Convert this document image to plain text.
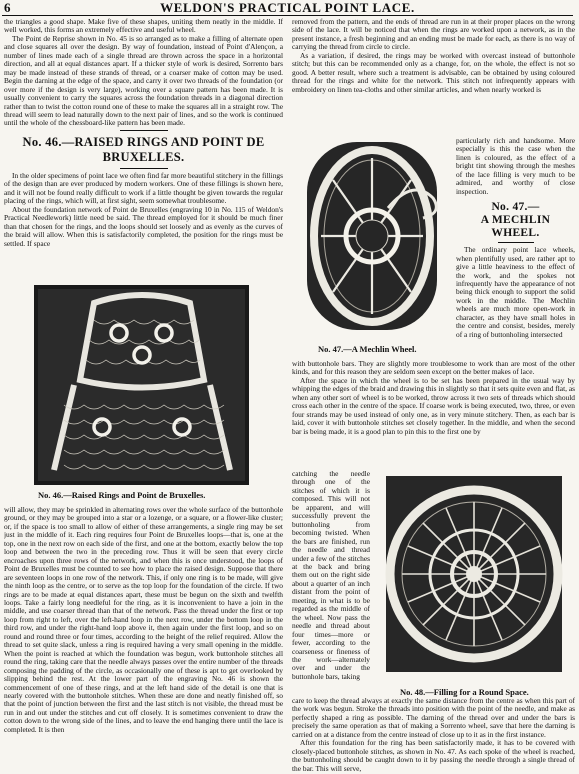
6	WELDON'S PRACTICAL POINT LACE.

the triangles a good shape. Make five of these shapes, uniting them neatly in the middle. If well worked, this forms an extremely effective and useful wheel.

The Point de Reprise shown in No. 45 is so arranged as to make a filling of alternate open and close squares all over the design. By way of foundation, instead of Point d'Alençon, a number of lines made each of a single thread are thrown across the space in a horizontal direction, and all at equal distances apart. If a thicker style of work is desired, Sorrento bars may be made instead of these strands of thread, or a coarser make of cotton may be used. Begin the darning at the edge of the space, and carry it over two threads of the foundation (or over more if the design is very large), working over a square pattern has been made. It is usually convenient to carry the squares across the foundation threads in a diagonal direction rather than to twist the cotton round one of these to make the squares all in a straight row. The thread will seem to lead naturally down to the next pair of lines, and so the work is continued until the whole of the chessboard-like pattern has been made.

No. 46.—RAISED RINGS AND POINT DE BRUXELLES.

In the older specimens of point lace we often find far more beautiful stitchery in the fillings of the design than are ever produced by modern workers. One of these fillings is shown here, and it will not be found really difficult to work if a little thought be given towards the regular placing of the rings, which will, at first sight, seem somewhat troublesome.

About the foundation network of Point de Bruxelles (engraving 10 in No. 115 of Weldon's Practical Needlework) little need be said. The thread employed for it should be much finer than that chosen for the rings, and the loops should set loosely and as evenly as the curves of the braid will allow. When this is satisfactorily completed, the position for the rings must be settled. If space

No. 46.—Raised Rings and Point de Bruxelles.

will allow, they may be sprinkled in alternating rows over the whole surface of the buttonhole ground, or they may be grouped into a star or a lozenge, or a square, or a flower-like cluster; or, if the space is too small to allow of either of these arrangements, a single ring may be set just in the middle of it. Each ring requires four Point de Bruxelles loops—that is, one at the top, one in the next row on each side of the first, and one at the bottom, exactly below the top loop and between the two in the preceding row. Thus it will be seen that every circle encroaches upon three rows of the network, and when this is once understood, the loops of Point de Bruxelles must be counted to see how to place the raised design. Suppose that there are seventeen loops in one row of the network. This, if only one ring is to be made, will give the ninth loop as the centre, or to serve as the top loop for the foundation of the circle. If two rings are to be made at equal distances apart, these must be begun on the sixth and twelfth loops. Take a fairly long needleful for the ring, as it is inconvenient to have a join in the middle, and use coarser thread than that of the network. Pass the thread under the first or top loop from right to left, over the left-hand loop in the next row, under the bottom loop in the third row, and under the right-hand loop above it, then again under the first loop, and so on round and round three or four times, according to the height of the relief required. Allow the thread to set quite slack, unless a ring is required having a very small opening in the middle. When the point is reached at which the foundation was begun, work buttonhole stitches all round the ring, taking care that the needle always passes over the entire number of the threads composing the padding of the circle, as occasionally one of these is apt to get overlooked by slipping behind the rest. At the lower part of the engraving No. 46 is shown the commencement of one of these rings, and at the left hand side of the detail is one that is nearly covered with the buttonhole stitches. When these are done and neatly finished off, so that the point of junction between the first and the last stitch is not visible, the thread must be run in and out under the stitches and cut off closely. It is sometimes convenient to draw the cotton down to the wrong side of the lines, and to leave the end hanging there until the lace is completed. It is then

removed from the pattern, and the ends of thread are run in at their proper places on the wrong side of the lace. It will be noticed that when the rings are worked upon a network, as in the present instance, a fresh beginning and an ending must be made for each, as there is no way of carrying the thread from circle to circle.

As a variation, if desired, the rings may be worked with overcast instead of buttonhole stitch; but this can be recommended only as a change, for, on the whole, the effect is not so good. A better result, where such a treatment is advisable, can be obtained by using coloured thread for the rings and white for the network. This stitch not infrequently appears with embroidery on linen tea-cloths and other similar articles, and when nearly worked is

No. 47.—A Mechlin Wheel.

particularly rich and handsome. More especially is this the case when the linen is coloured, as the effect of a bright tint showing through the meshes of the lace filling is very much to be admired, and worthy of close inspection.

No. 47.—
A MECHLIN
WHEEL.

The ordinary point lace wheels, when plentifully used, are rather apt to give a little heaviness to the effect of the work, and the spokes not infrequently have the appearance of not being thick enough to support the solid work in the middle. The Mechlin wheels are much more open-work in character, as they have small holes in the centre and consist, besides, merely of a ring of buttonholing intersected

with buttonhole bars. They are slightly more troublesome to work than are most of the other kinds, and for this reason they are seldom seen except on the better makes of lace.

After the space in which the wheel is to be set has been prepared in the usual way by whipping the edges of the braid and drawing this in slightly so that it sets quite even and flat, as when any other sort of wheel is to be worked, throw across it two sets of threads which should cross each other in the centre of the space. If coarse work is being executed, two, three, or even four strands may be used instead of only one, as in very minute stitchery. Then, as each bar is laid, cover it with buttonhole stitches set closely together. In the middle, and when the second bar is being made, it is a good plan to pin this to the first one by

catching the needle through one of the stitches of which it is composed. This will not be apparent, and will successfully prevent the buttonholing from becoming twisted. When the bars are finished, run the needle and thread under a few of the stitches at the back and bring them out on the right side about a quarter of an inch distant from the point of meeting, in what is to be regarded as the middle of the wheel. Now pass the needle and thread about four times—more or fewer, according to the coarseness or fineness of the work—alternately over and under the buttonhole bars, taking

No. 48.—Filling for a Round Space.

care to keep the thread always at exactly the same distance from the centre as when this part of the work was begun. Stroke the threads into position with the point of the needle, and make as perfectly shaped a ring as possible. The darning of the thread over and under the bars is precisely the same operation as that of making a Sorrento wheel, save that here the darning is carried on at a distance from the centre instead of close up to it as in the first instance.

After this foundation for the ring has been satisfactorily made, it has to be covered with closely-placed buttonhole stitches, as shown in No. 47. As each spoke of the wheel is reached, the buttonholing should be caught down to it by passing the needle through a single thread of the bar. This will serve,
